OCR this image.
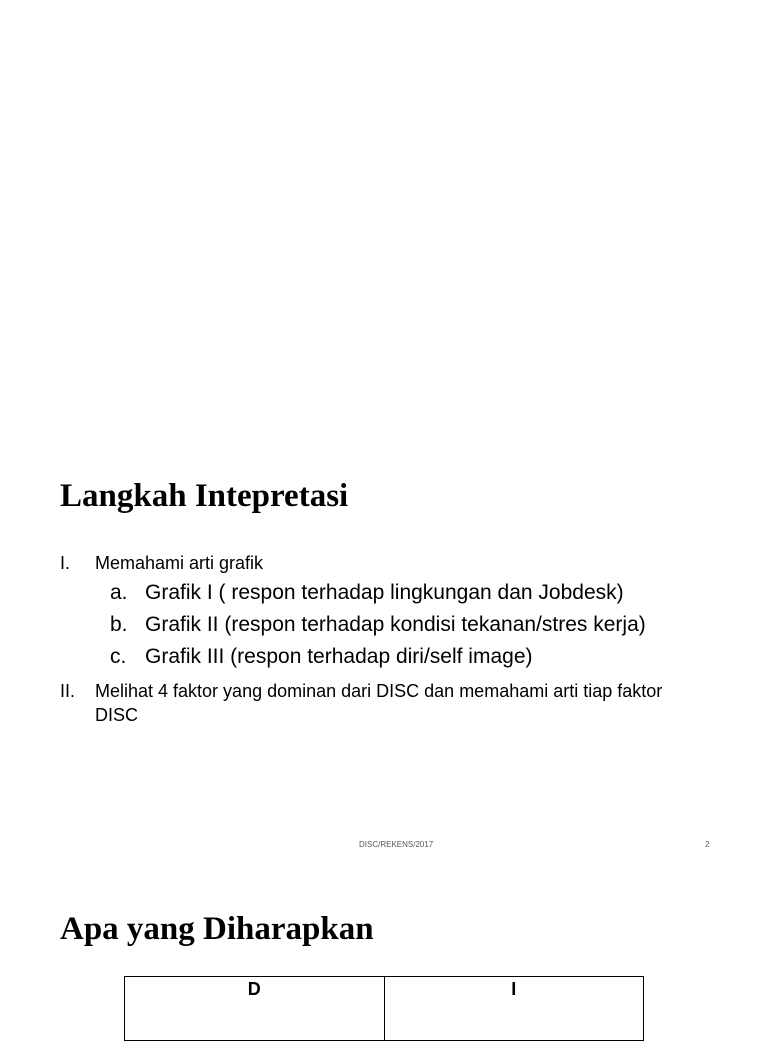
Langkah Intepretasi
I. Memahami arti grafik
a. Grafik I ( respon terhadap lingkungan dan Jobdesk)
b. Grafik II (respon terhadap kondisi tekanan/stres kerja)
c. Grafik III (respon terhadap diri/self image)
II. Melihat 4 faktor yang dominan dari DISC dan memahami arti tiap faktor DISC
DISC/REKENS/2017	2
Apa yang Diharapkan
D	I
